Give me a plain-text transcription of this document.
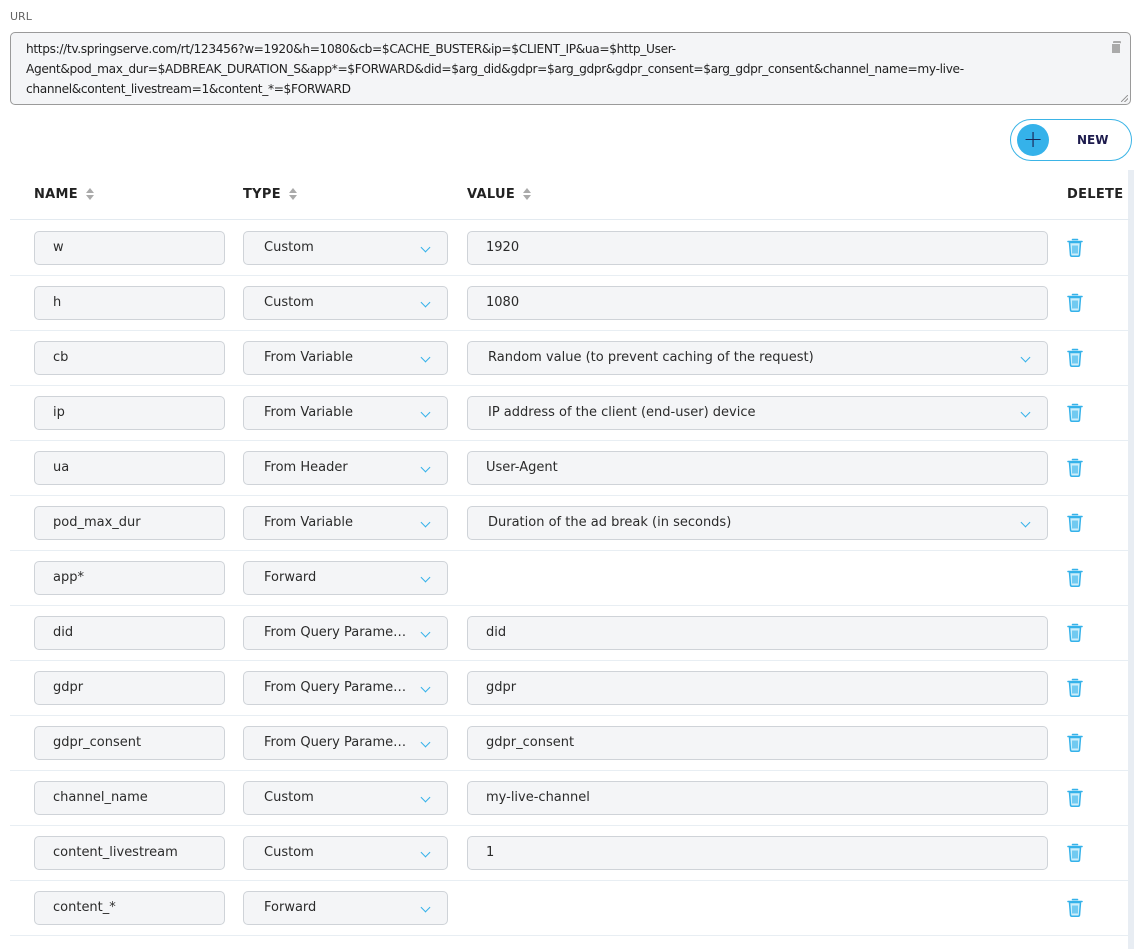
URL
https://tv.springserve.com/rt/123456?w=1920&h=1080&cb=$CACHE_BUSTER&ip=$CLIENT_IP&ua=$http_User-
Agent&pod_max_dur=$ADBREAK_DURATION_S&app*=$FORWARD&did=$arg_did&gdpr=$arg_gdpr&gdpr_consent=$arg_gdpr_consent&channel_name=my-live-
channel&content_livestream=1&content_*=$FORWARD
+	NEW
NAME	TYPE	VALUE	DELETE
w	Custom	1920
h	Custom	1080
cb	From Variable	Random value (to prevent caching of the request)
ip	From Variable	IP address of the client (end-user) device
ua	From Header	User-Agent
pod_max_dur	From Variable	Duration of the ad break (in seconds)
app*	Forward
did	From Query Parame…	did
gdpr	From Query Parame…	gdpr
gdpr_consent	From Query Parame…	gdpr_consent
channel_name	Custom	my-live-channel
content_livestream	Custom	1
content_*	Forward
